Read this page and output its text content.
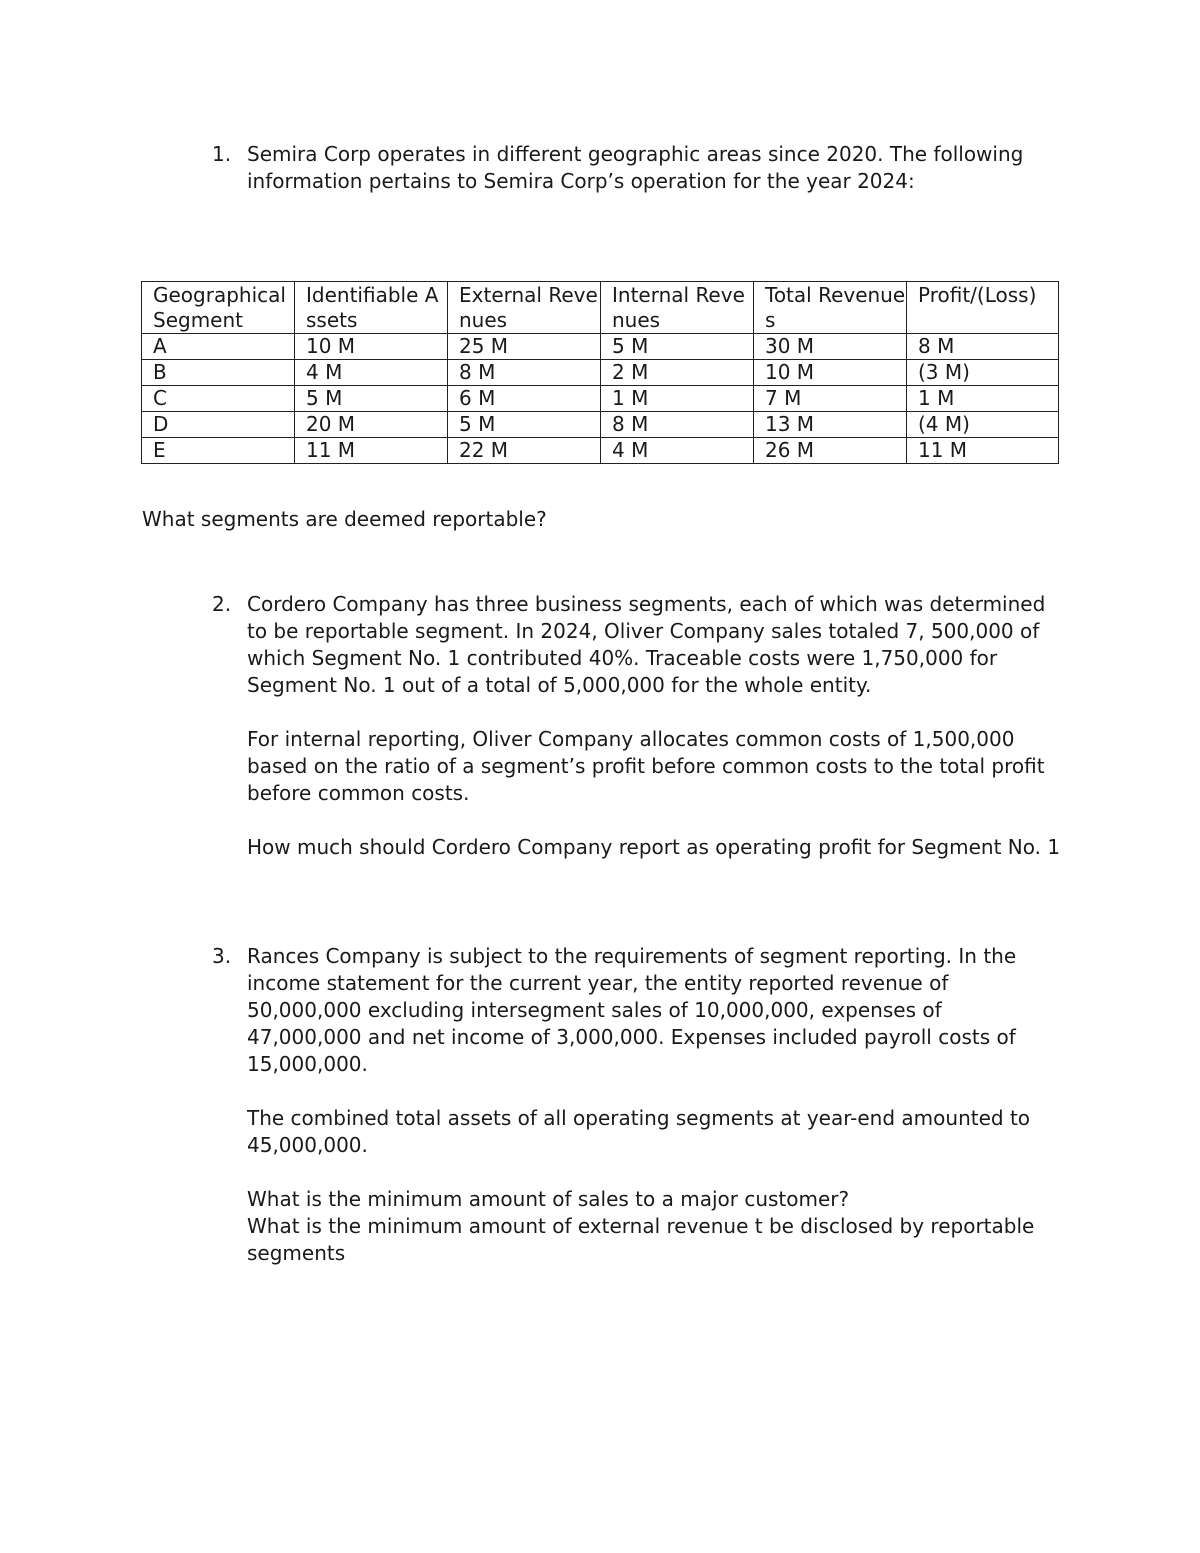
1. Semira Corp operates in different geographic areas since 2020. The following information pertains to Semira Corp’s operation for the year 2024:

Geographical Segment	Identifiable Assets	External Revenues	Internal Revenues	Total Revenues	Profit/(Loss)
A	10 M	25 M	5 M	30 M	8 M
B	4 M	8 M	2 M	10 M	(3 M)
C	5 M	6 M	1 M	7 M	1 M
D	20 M	5 M	8 M	13 M	(4 M)
E	11 M	22 M	4 M	26 M	11 M

What segments are deemed reportable?

2. Cordero Company has three business segments, each of which was determined to be reportable segment. In 2024, Oliver Company sales totaled 7, 500,000 of which Segment No. 1 contributed 40%. Traceable costs were 1,750,000 for Segment No. 1 out of a total of 5,000,000 for the whole entity.

For internal reporting, Oliver Company allocates common costs of 1,500,000 based on the ratio of a segment’s profit before common costs to the total profit before common costs.

How much should Cordero Company report as operating profit for Segment No. 1

3. Rances Company is subject to the requirements of segment reporting. In the income statement for the current year, the entity reported revenue of 50,000,000 excluding intersegment sales of 10,000,000, expenses of 47,000,000 and net income of 3,000,000. Expenses included payroll costs of 15,000,000.

The combined total assets of all operating segments at year-end amounted to 45,000,000.

What is the minimum amount of sales to a major customer?
What is the minimum amount of external revenue t be disclosed by reportable segments
